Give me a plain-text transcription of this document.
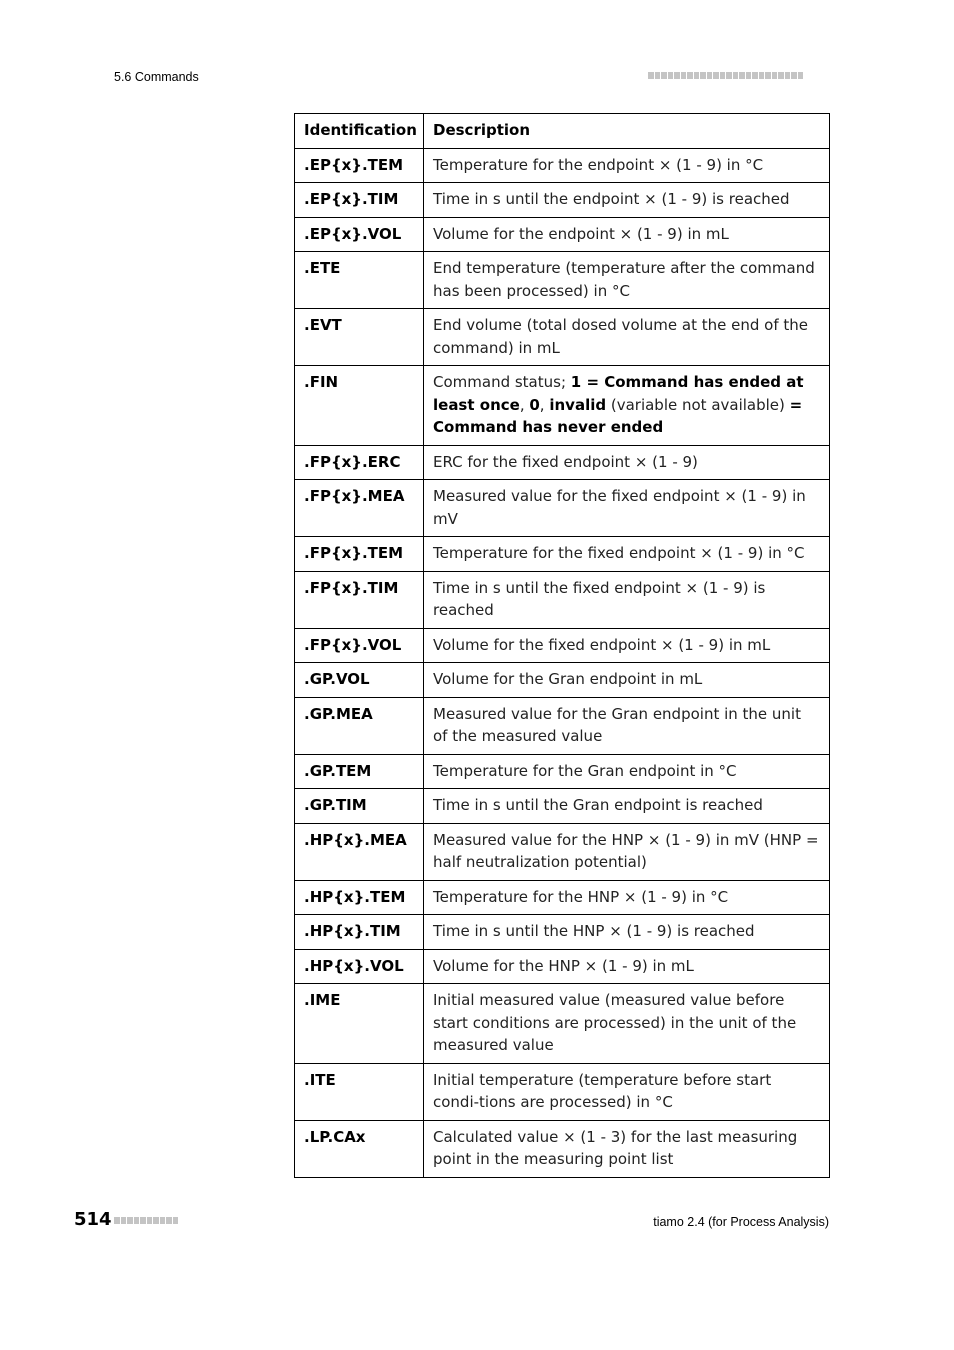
5.6 Commands
Identification	Description
.EP{x}.TEM	Temperature for the endpoint × (1 - 9) in °C
.EP{x}.TIM	Time in s until the endpoint × (1 - 9) is reached
.EP{x}.VOL	Volume for the endpoint × (1 - 9) in mL
.ETE	End temperature (temperature after the command has been processed) in °C
.EVT	End volume (total dosed volume at the end of the command) in mL
.FIN	Command status; 1 = Command has ended at least once, 0, invalid (variable not available) = Command has never ended
.FP{x}.ERC	ERC for the fixed endpoint × (1 - 9)
.FP{x}.MEA	Measured value for the fixed endpoint × (1 - 9) in mV
.FP{x}.TEM	Temperature for the fixed endpoint × (1 - 9) in °C
.FP{x}.TIM	Time in s until the fixed endpoint × (1 - 9) is reached
.FP{x}.VOL	Volume for the fixed endpoint × (1 - 9) in mL
.GP.VOL	Volume for the Gran endpoint in mL
.GP.MEA	Measured value for the Gran endpoint in the unit of the measured value
.GP.TEM	Temperature for the Gran endpoint in °C
.GP.TIM	Time in s until the Gran endpoint is reached
.HP{x}.MEA	Measured value for the HNP × (1 - 9) in mV (HNP = half neutralization potential)
.HP{x}.TEM	Temperature for the HNP × (1 - 9) in °C
.HP{x}.TIM	Time in s until the HNP × (1 - 9) is reached
.HP{x}.VOL	Volume for the HNP × (1 - 9) in mL
.IME	Initial measured value (measured value before start conditions are processed) in the unit of the measured value
.ITE	Initial temperature (temperature before start condi-tions are processed) in °C
.LP.CAx	Calculated value × (1 - 3) for the last measuring point in the measuring point list
514	tiamo 2.4 (for Process Analysis)
